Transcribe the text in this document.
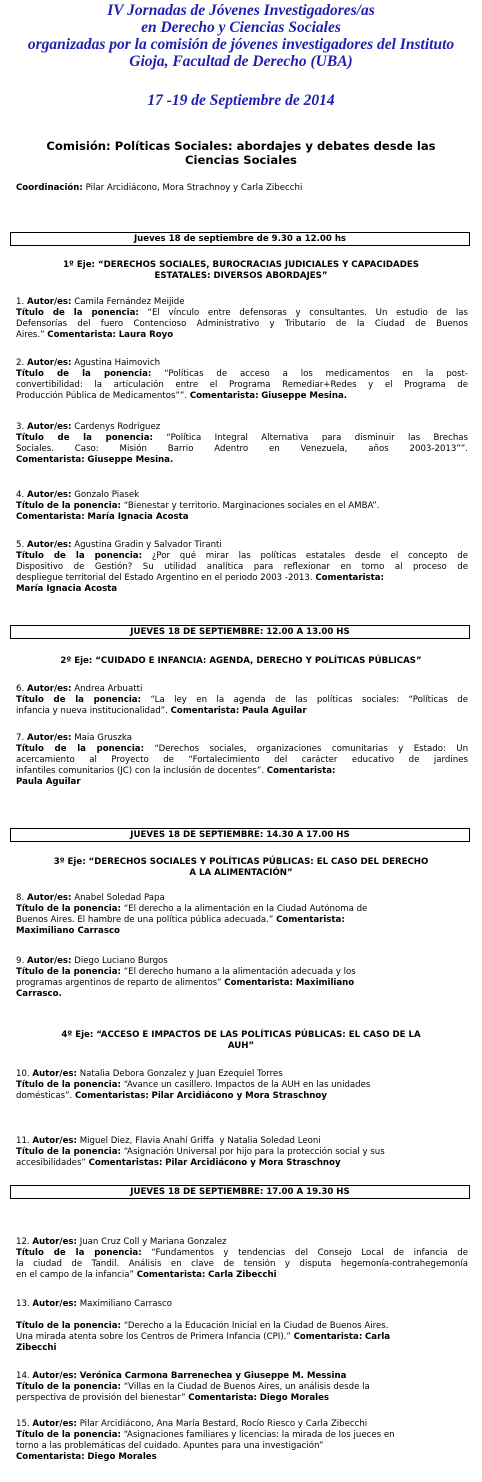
IV Jornadas de Jóvenes Investigadores/as
en Derecho y Ciencias Sociales
organizadas por la comisión de jóvenes investigadores del Instituto
Gioja, Facultad de Derecho (UBA)
17 -19 de Septiembre de 2014
Comisión: Políticas Sociales: abordajes y debates desde las
Ciencias Sociales
Coordinación: Pilar Arcidiácono, Mora Strachnoy y Carla Zibecchi
Jueves 18 de septiembre de 9.30 a 12.00 hs
1º Eje: “DERECHOS SOCIALES, BUROCRACIAS JUDICIALES Y CAPACIDADES
ESTATALES: DIVERSOS ABORDAJES”
1. Autor/es: Camila Fernández Meijide
Título de la ponencia: “El vínculo entre defensoras y consultantes. Un estudio de las
Defensorías del fuero Contencioso Administrativo y Tributario de la Ciudad de Buenos
Aires.” Comentarista: Laura Royo
2. Autor/es: Agustina Haimovich
Título de la ponencia: “Políticas de acceso a los medicamentos en la post-
convertibilidad: la articulación entre el Programa Remediar+Redes y el Programa de
Producción Pública de Medicamentos””. Comentarista: Giuseppe Mesina.
3. Autor/es: Cardenys Rodríguez
Título de la ponencia: “Política Integral Alternativa para disminuir las Brechas
Sociales. Caso: Misión Barrio Adentro en Venezuela, años 2003-2013””.
Comentarista: Giuseppe Mesina.
4. Autor/es: Gonzalo Piasek
Título de la ponencia: “Bienestar y territorio. Marginaciones sociales en el AMBA”.
Comentarista: María Ignacia Acosta
5. Autor/es: Agustina Gradin y Salvador Tiranti
Título de la ponencia: ¿Por qué mirar las políticas estatales desde el concepto de
Dispositivo de Gestión? Su utilidad analítica para reflexionar en torno al proceso de
despliegue territorial del Estado Argentino en el periodo 2003 -2013. Comentarista:
María Ignacia Acosta
JUEVES 18 DE SEPTIEMBRE: 12.00 A 13.00 HS
2º Eje: “CUIDADO E INFANCIA: AGENDA, DERECHO Y POLÍTICAS PÚBLICAS”
6. Autor/es: Andrea Arbuatti
Título de la ponencia: “La ley en la agenda de las políticas sociales: “Políticas de
infancia y nueva institucionalidad”. Comentarista: Paula Aguilar
7. Autor/es: Maia Gruszka
Título de la ponencia: “Derechos sociales, organizaciones comunitarias y Estado: Un
acercamiento al Proyecto de “Fortalecimiento del carácter educativo de jardines
infantiles comunitarios (JC) con la inclusión de docentes”. Comentarista:
Paula Aguilar
JUEVES 18 DE SEPTIEMBRE: 14.30 A 17.00 HS
3º Eje: “DERECHOS SOCIALES Y POLÍTICAS PÚBLICAS: EL CASO DEL DERECHO
A LA ALIMENTACIÓN”
8. Autor/es: Anabel Soledad Papa
Título de la ponencia: “El derecho a la alimentación en la Ciudad Autónoma de
Buenos Aires. El hambre de una política pública adecuada.” Comentarista:
Maximiliano Carrasco
9. Autor/es: Diego Luciano Burgos
Título de la ponencia: “El derecho humano a la alimentación adecuada y los
programas argentinos de reparto de alimentos” Comentarista: Maximiliano
Carrasco.
4º Eje: “ACCESO E IMPACTOS DE LAS POLÍTICAS PÚBLICAS: EL CASO DE LA
AUH”
10. Autor/es: Natalia Debora Gonzalez y Juan Ezequiel Torres
Título de la ponencia: “Avance un casillero. Impactos de la AUH en las unidades
domésticas”. Comentaristas: Pilar Arcidiácono y Mora Straschnoy
11. Autor/es: Miguel Diez, Flavia Anahí Griffa  y Natalia Soledad Leoni
Título de la ponencia: “Asignación Universal por hijo para la protección social y sus
accesibilidades” Comentaristas: Pilar Arcidiácono y Mora Straschnoy
JUEVES 18 DE SEPTIEMBRE: 17.00 A 19.30 HS
12. Autor/es: Juan Cruz Coll y Mariana Gonzalez
Título de la ponencia: “Fundamentos y tendencias del Consejo Local de infancia de
la ciudad de Tandil. Análisis en clave de tensión y disputa hegemonía-contrahegemonía
en el campo de la infancia” Comentarista: Carla Zibecchi
13. Autor/es: Maximiliano Carrasco
Título de la ponencia: “Derecho a la Educación Inicial en la Ciudad de Buenos Aires.
Una mirada atenta sobre los Centros de Primera Infancia (CPI).” Comentarista: Carla
Zibecchi
14. Autor/es: Verónica Carmona Barrenechea y Giuseppe M. Messina
Título de la ponencia: “Villas en la Ciudad de Buenos Aires, un análisis desde la
perspectiva de provisión del bienestar” Comentarista: Diego Morales
15. Autor/es: Pilar Arcidiácono, Ana María Bestard, Rocío Riesco y Carla Zibecchi
Título de la ponencia: “Asignaciones familiares y licencias: la mirada de los jueces en
torno a las problemáticas del cuidado. Apuntes para una investigación”
Comentarista: Diego Morales
